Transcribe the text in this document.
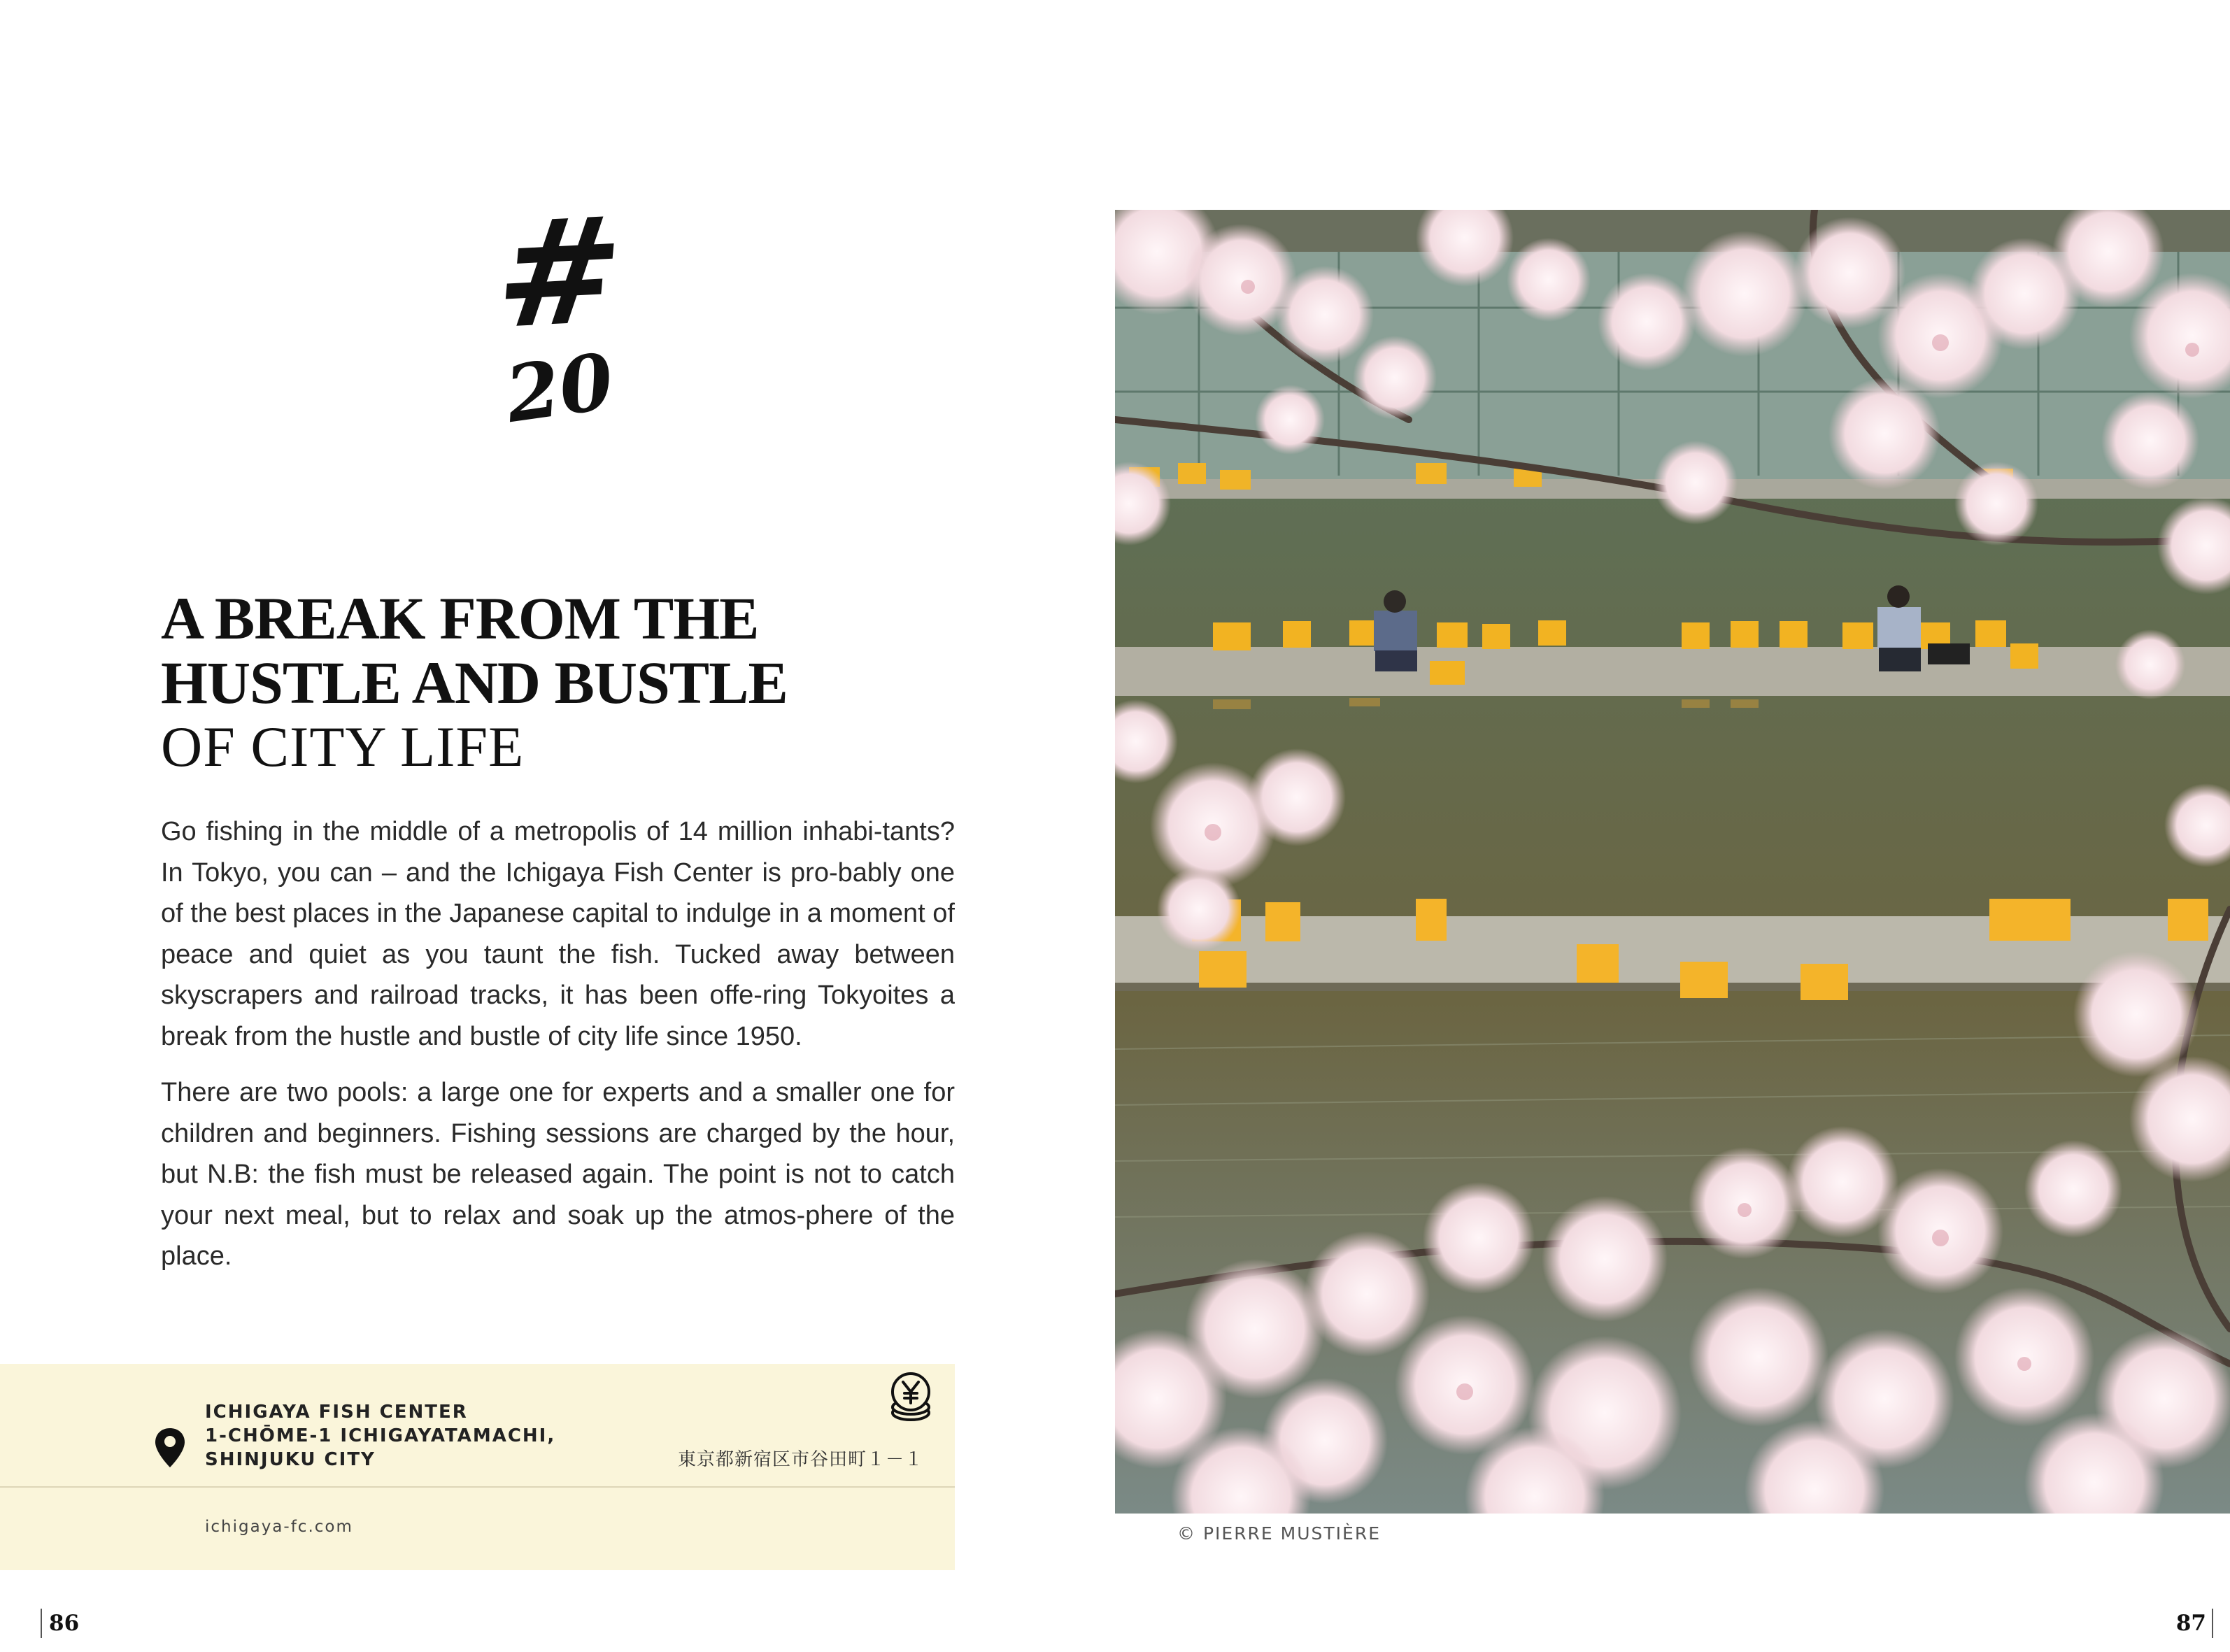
#
20
A BREAK FROM THE
HUSTLE AND BUSTLE
OF CITY LIFE

Go fishing in the middle of a metropolis of 14 million inhabi-tants? In Tokyo, you can – and the Ichigaya Fish Center is pro-bably one of the best places in the Japanese capital to indulge in a moment of peace and quiet as you taunt the fish. Tucked away between skyscrapers and railroad tracks, it has been offe-ring Tokyoites a break from the hustle and bustle of city life since 1950.

There are two pools: a large one for experts and a smaller one for children and beginners. Fishing sessions are charged by the hour, but N.B: the fish must be released again. The point is not to catch your next meal, but to relax and soak up the atmos-phere of the place.

ICHIGAYA FISH CENTER
1-CHŌME-1 ICHIGAYATAMACHI,
SHINJUKU CITY	東京都新宿区市谷田町１－１
ichigaya-fc.com	© PIERRE MUSTIÈRE
86	87
